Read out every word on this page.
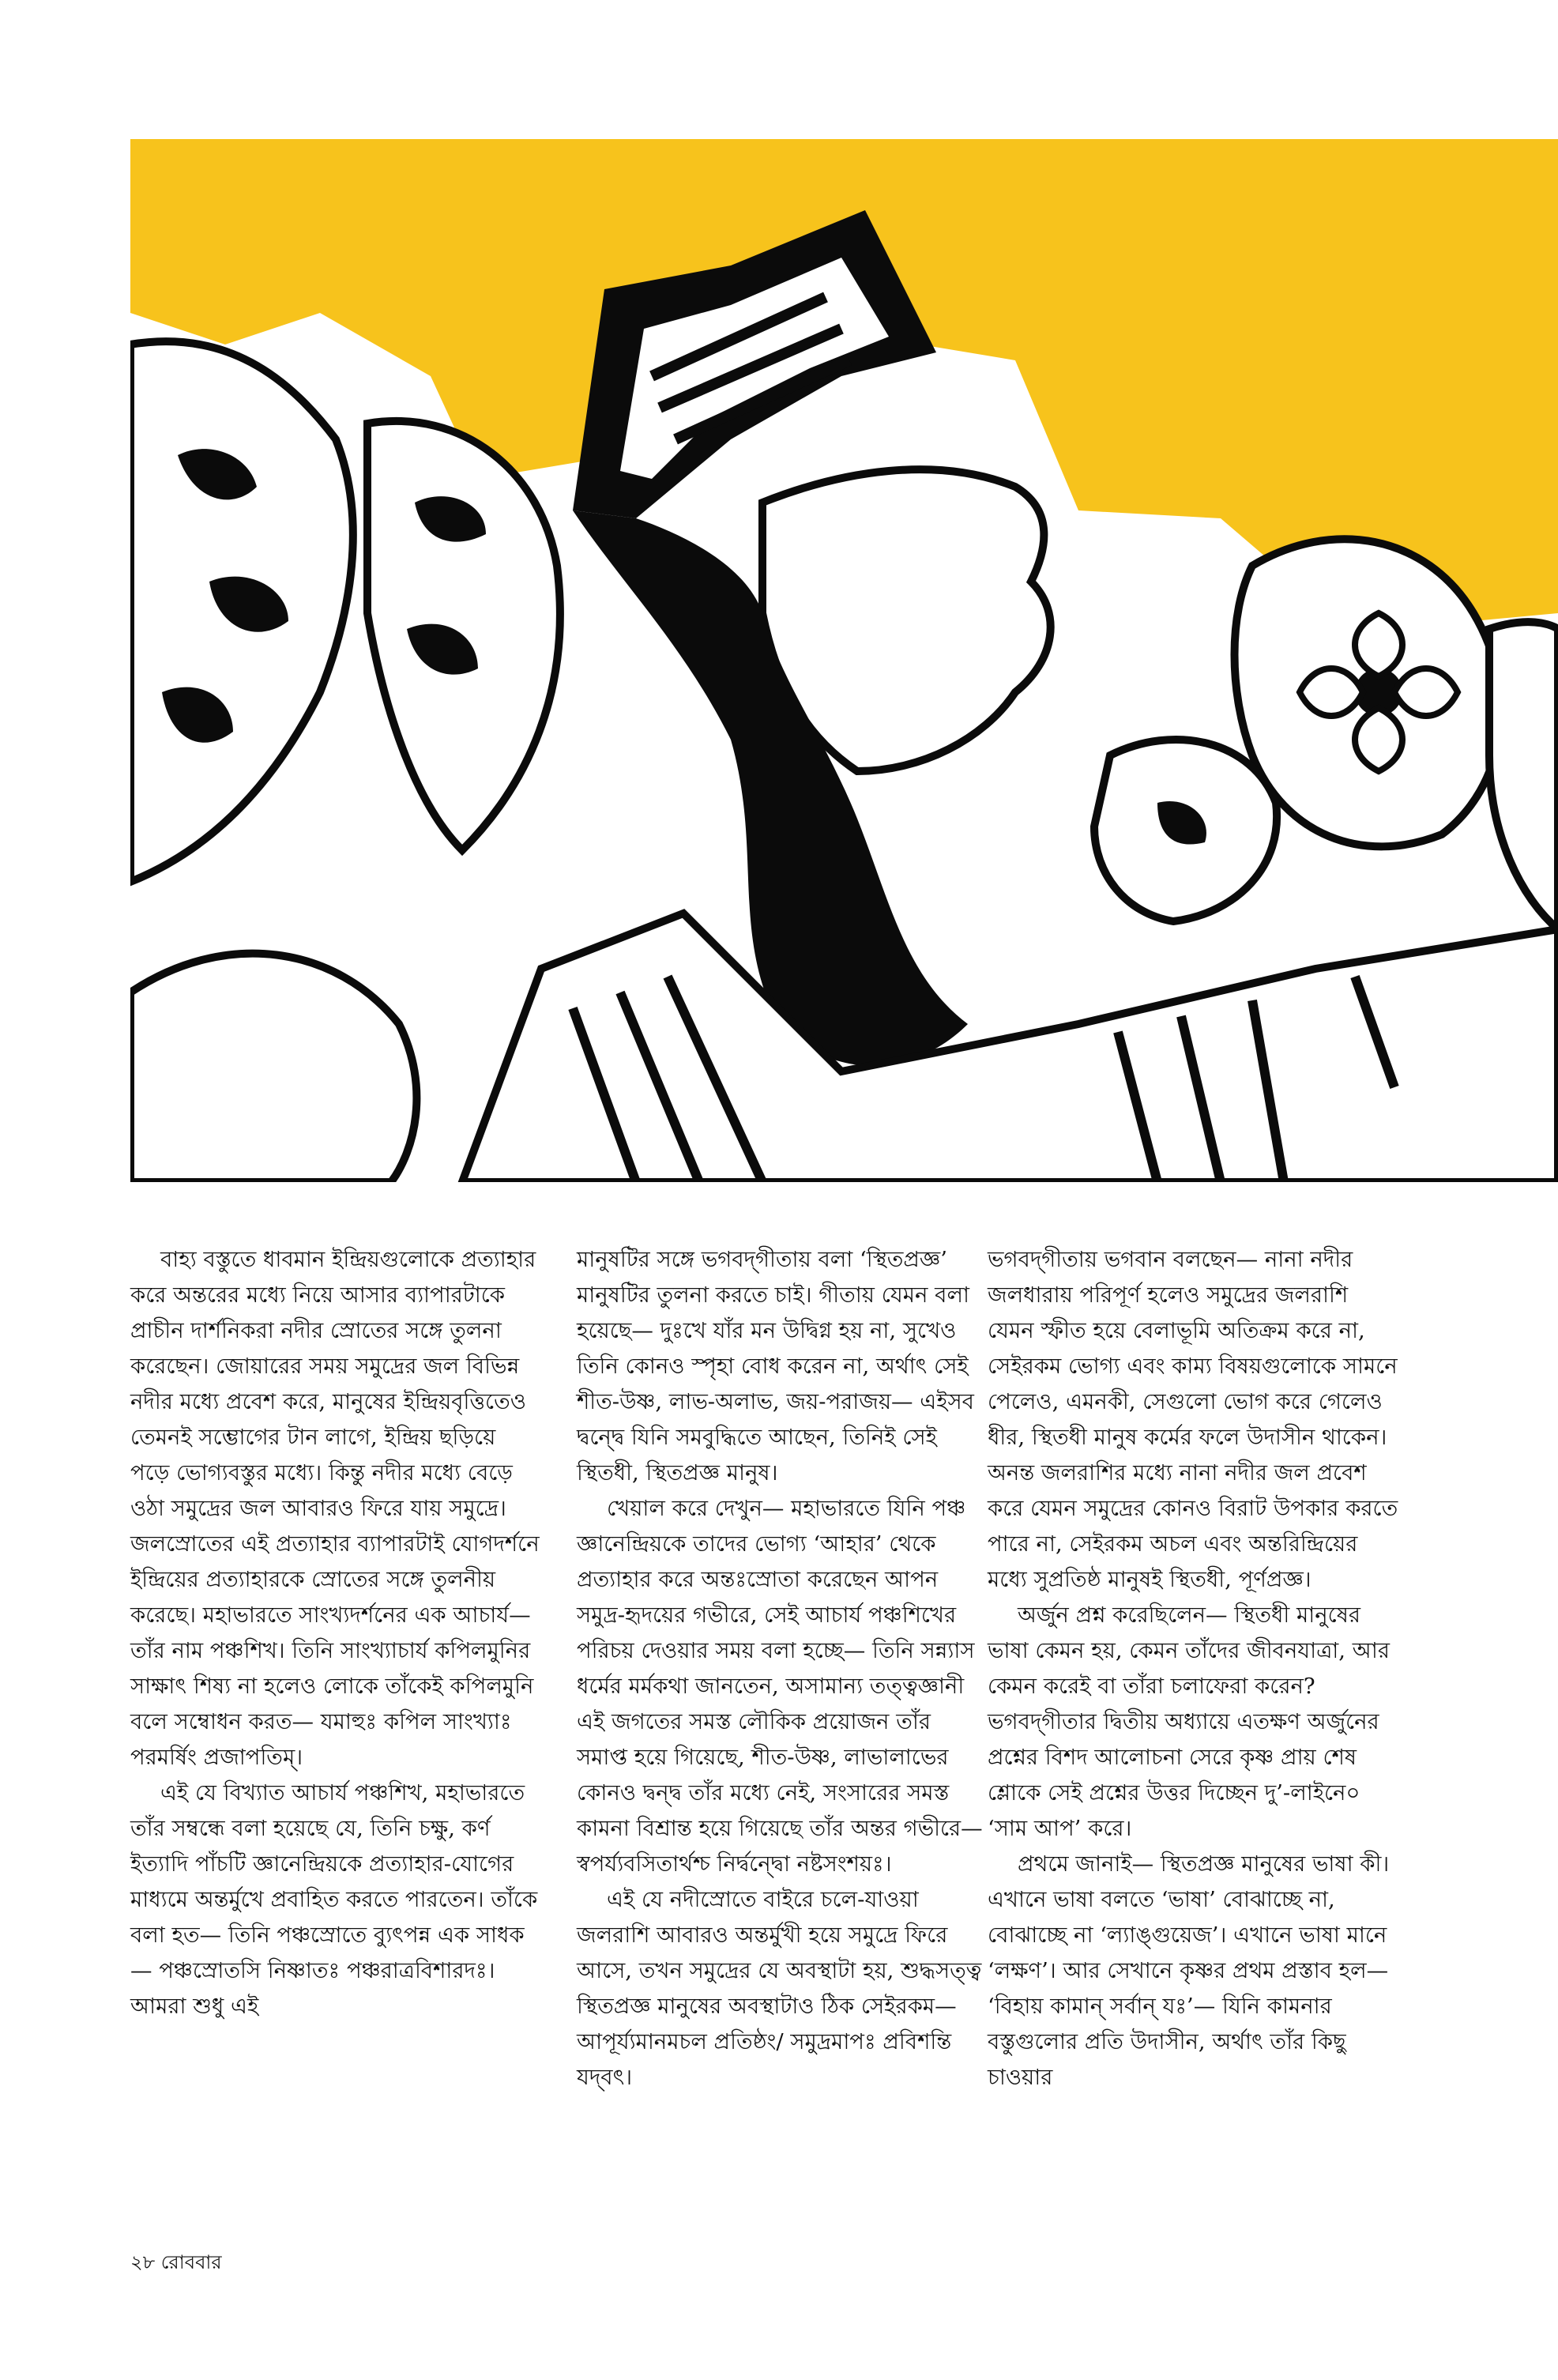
বাহ্য বস্তুতে ধাবমান ইন্দ্রিয়গুলোকে প্রত্যাহার করে অন্তরের মধ্যে নিয়ে আসার ব্যাপারটাকে প্রাচীন দার্শনিকরা নদীর স্রোতের সঙ্গে তুলনা করেছেন। জোয়ারের সময় সমুদ্রের জল বিভিন্ন নদীর মধ্যে প্রবেশ করে, মানুষের ইন্দ্রিয়বৃত্তিতেও তেমনই সম্ভোগের টান লাগে, ইন্দ্রিয় ছড়িয়ে পড়ে ভোগ্যবস্তুর মধ্যে। কিন্তু নদীর মধ্যে বেড়ে ওঠা সমুদ্রের জল আবারও ফিরে যায় সমুদ্রে। জলস্রোতের এই প্রত্যাহার ব্যাপারটাই যোগদর্শনে ইন্দ্রিয়ের প্রত্যাহারকে স্রোতের সঙ্গে তুলনীয় করেছে। মহাভারতে সাংখ্যদর্শনের এক আচার্য— তাঁর নাম পঞ্চশিখ। তিনি সাংখ্যাচার্য কপিলমুনির সাক্ষাৎ শিষ্য না হলেও লোকে তাঁকেই কপিলমুনি বলে সম্বোধন করত— যমাহুঃ কপিল সাংখ্যাঃ পরমর্ষিং প্রজাপতিম্।

এই যে বিখ্যাত আচার্য পঞ্চশিখ, মহাভারতে তাঁর সম্বন্ধে বলা হয়েছে যে, তিনি চক্ষু, কর্ণ ইত্যাদি পাঁচটি জ্ঞানেন্দ্রিয়কে প্রত্যাহার-যোগের মাধ্যমে অন্তর্মুখে প্রবাহিত করতে পারতেন। তাঁকে বলা হত— তিনি পঞ্চস্রোতে ব্যুৎপন্ন এক সাধক— পঞ্চস্রোতসি নিষ্ণাতঃ পঞ্চরাত্রবিশারদঃ। আমরা শুধু এই

মানুষটির সঙ্গে ভগবদ্‌গীতায় বলা ‘স্থিতপ্রজ্ঞ’ মানুষটির তুলনা করতে চাই। গীতায় যেমন বলা হয়েছে— দুঃখে যাঁর মন উদ্বিগ্ন হয় না, সুখেও তিনি কোনও স্পৃহা বোধ করেন না, অর্থাৎ সেই শীত-উষ্ণ, লাভ-অলাভ, জয়-পরাজয়— এইসব দ্বন্দ্বে যিনি সমবুদ্ধিতে আছেন, তিনিই সেই স্থিতধী, স্থিতপ্রজ্ঞ মানুষ।

খেয়াল করে দেখুন— মহাভারতে যিনি পঞ্চ জ্ঞানেন্দ্রিয়কে তাদের ভোগ্য ‘আহার’ থেকে প্রত্যাহার করে অন্তঃস্রোতা করেছেন আপন সমুদ্র-হৃদয়ের গভীরে, সেই আচার্য পঞ্চশিখের পরিচয় দেওয়ার সময় বলা হচ্ছে— তিনি সন্ন্যাস ধর্মের মর্মকথা জানতেন, অসামান্য তত্ত্বজ্ঞানী এই জগতের সমস্ত লৌকিক প্রয়োজন তাঁর সমাপ্ত হয়ে গিয়েছে, শীত-উষ্ণ, লাভালাভের কোনও দ্বন্দ্ব তাঁর মধ্যে নেই, সংসারের সমস্ত কামনা বিশ্রান্ত হয়ে গিয়েছে তাঁর অন্তর গভীরে— স্বপর্য্যবসিতার্থশ্চ নির্দ্বন্দ্বো নষ্টসংশয়ঃ।

এই যে নদীস্রোতে বাইরে চলে-যাওয়া জলরাশি আবারও অন্তর্মুখী হয়ে সমুদ্রে ফিরে আসে, তখন সমুদ্রের যে অবস্থাটা হয়, শুদ্ধসত্ত্ব স্থিতপ্রজ্ঞ মানুষের অবস্থাটাও ঠিক সেইরকম— আপূর্য্যমানমচল প্রতিষ্ঠং/ সমুদ্রমাপঃ প্রবিশন্তি যদ্‌বৎ।

ভগবদ্‌গীতায় ভগবান বলছেন— নানা নদীর জলধারায় পরিপূর্ণ হলেও সমুদ্রের জলরাশি যেমন স্ফীত হয়ে বেলাভূমি অতিক্রম করে না, সেইরকম ভোগ্য এবং কাম্য বিষয়গুলোকে সামনে পেলেও, এমনকী, সেগুলো ভোগ করে গেলেও ধীর, স্থিতধী মানুষ কর্মের ফলে উদাসীন থাকেন। অনন্ত জলরাশির মধ্যে নানা নদীর জল প্রবেশ করে যেমন সমুদ্রের কোনও বিরাট উপকার করতে পারে না, সেইরকম অচল এবং অন্তরিন্দ্রিয়ের মধ্যে সুপ্রতিষ্ঠ মানুষই স্থিতধী, পূর্ণপ্রজ্ঞ।

অর্জুন প্রশ্ন করেছিলেন— স্থিতধী মানুষের ভাষা কেমন হয়, কেমন তাঁদের জীবনযাত্রা, আর কেমন করেই বা তাঁরা চলাফেরা করেন? ভগবদ্‌গীতার দ্বিতীয় অধ্যায়ে এতক্ষণ অর্জুনের প্রশ্নের বিশদ আলোচনা সেরে কৃষ্ণ প্রায় শেষ শ্লোকে সেই প্রশ্নের উত্তর দিচ্ছেন দু’-লাইনে০ ‘সাম আপ’ করে।

প্রথমে জানাই— স্থিতপ্রজ্ঞ মানুষের ভাষা কী। এখানে ভাষা বলতে ‘ভাষা’ বোঝাচ্ছে না, বোঝাচ্ছে না ‘ল্যাঙ্গুয়েজ’। এখানে ভাষা মানে ‘লক্ষণ’। আর সেখানে কৃষ্ণর প্রথম প্রস্তাব হল— ‘বিহায় কামান্ সর্বান্ যঃ’— যিনি কামনার বস্তুগুলোর প্রতি উদাসীন, অর্থাৎ তাঁর কিছু চাওয়ার

২৮ রোববার
